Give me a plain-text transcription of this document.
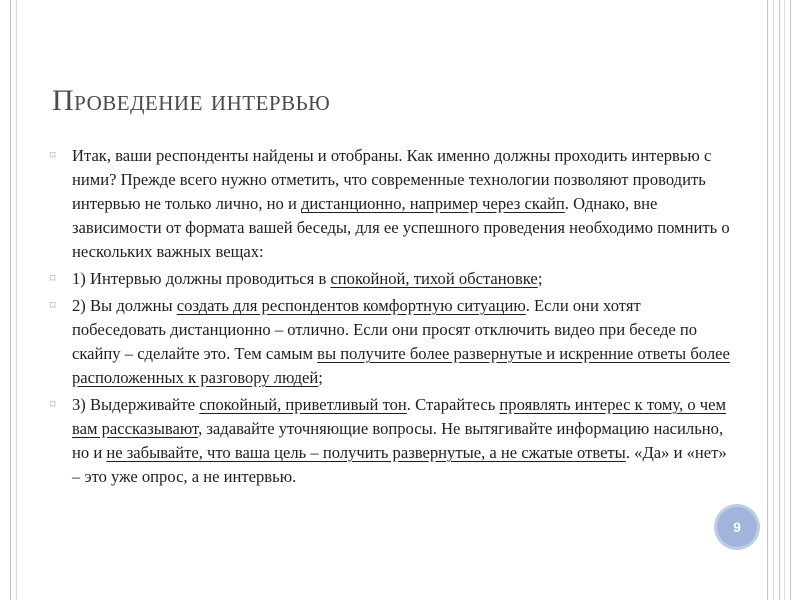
Проведение интервью

⌑ Итак, ваши респонденты найдены и отобраны. Как именно должны проходить интервью с ними? Прежде всего нужно отметить, что современные технологии позволяют проводить интервью не только лично, но и дистанционно, например через скайп. Однако, вне зависимости от формата вашей беседы, для ее успешного проведения необходимо помнить о нескольких важных вещах:

⌑ 1) Интервью должны проводиться в спокойной, тихой обстановке;

⌑ 2) Вы должны создать для респондентов комфортную ситуацию. Если они хотят побеседовать дистанционно – отлично. Если они просят отключить видео при беседе по скайпу – сделайте это. Тем самым вы получите более развернутые и искренние ответы более расположенных к разговору людей;

⌑ 3) Выдерживайте спокойный, приветливый тон. Старайтесь проявлять интерес к тому, о чем вам рассказывают, задавайте уточняющие вопросы. Не вытягивайте информацию насильно, но и не забывайте, что ваша цель – получить развернутые, а не сжатые ответы. «Да» и «нет» – это уже опрос, а не интервью.

9
